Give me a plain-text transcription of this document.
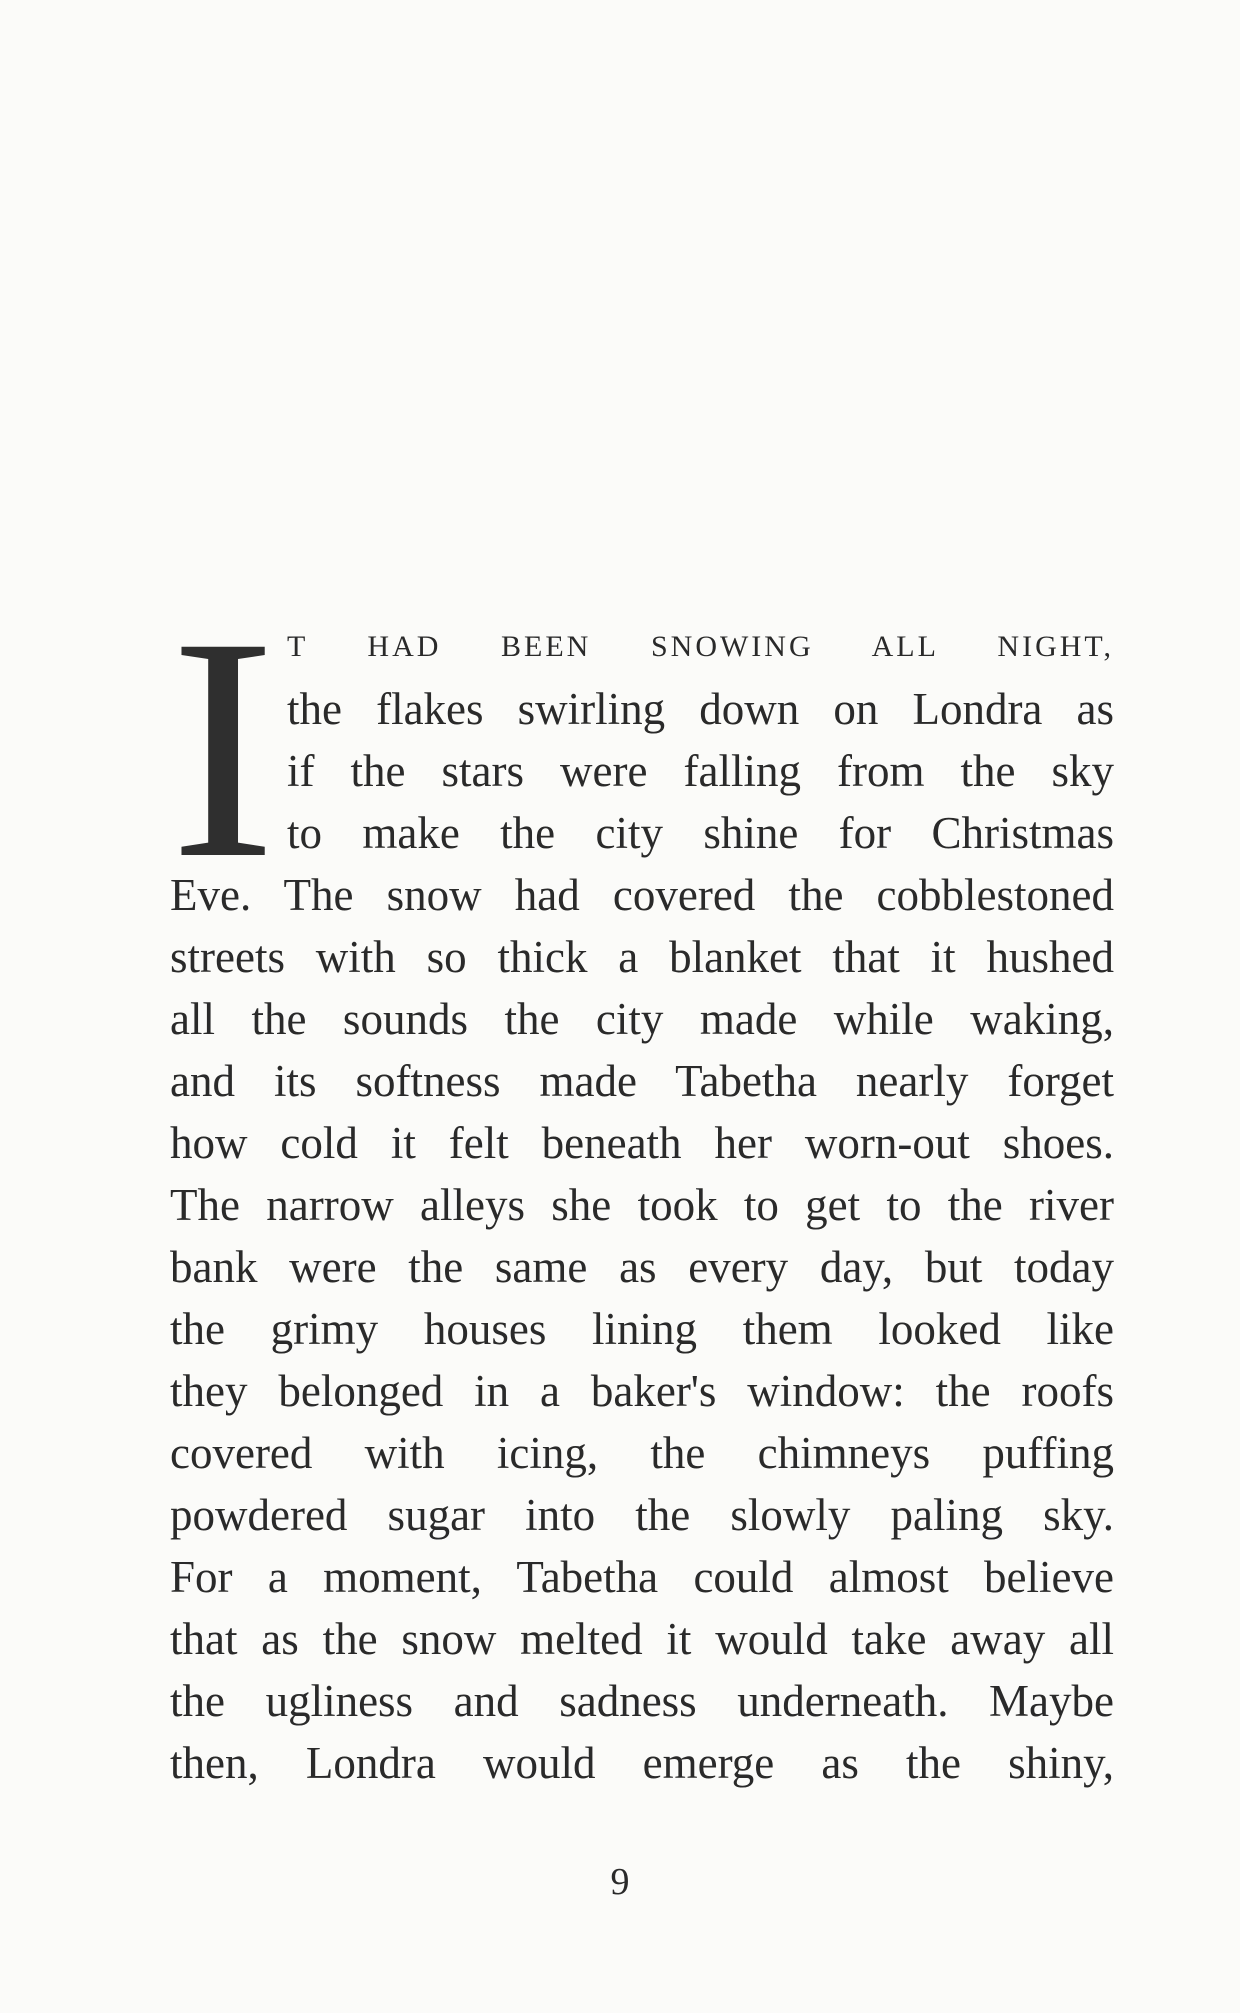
I T HAD BEEN SNOWING ALL NIGHT,
the flakes swirling down on Londra as
if the stars were falling from the sky
to make the city shine for Christmas
Eve. The snow had covered the cobblestoned
streets with so thick a blanket that it hushed
all the sounds the city made while waking,
and its softness made Tabetha nearly forget
how cold it felt beneath her worn-out shoes.
The narrow alleys she took to get to the river
bank were the same as every day, but today
the grimy houses lining them looked like
they belonged in a baker's window: the roofs
covered with icing, the chimneys puffing
powdered sugar into the slowly paling sky.
For a moment, Tabetha could almost believe
that as the snow melted it would take away all
the ugliness and sadness underneath. Maybe
then, Londra would emerge as the shiny,
9
